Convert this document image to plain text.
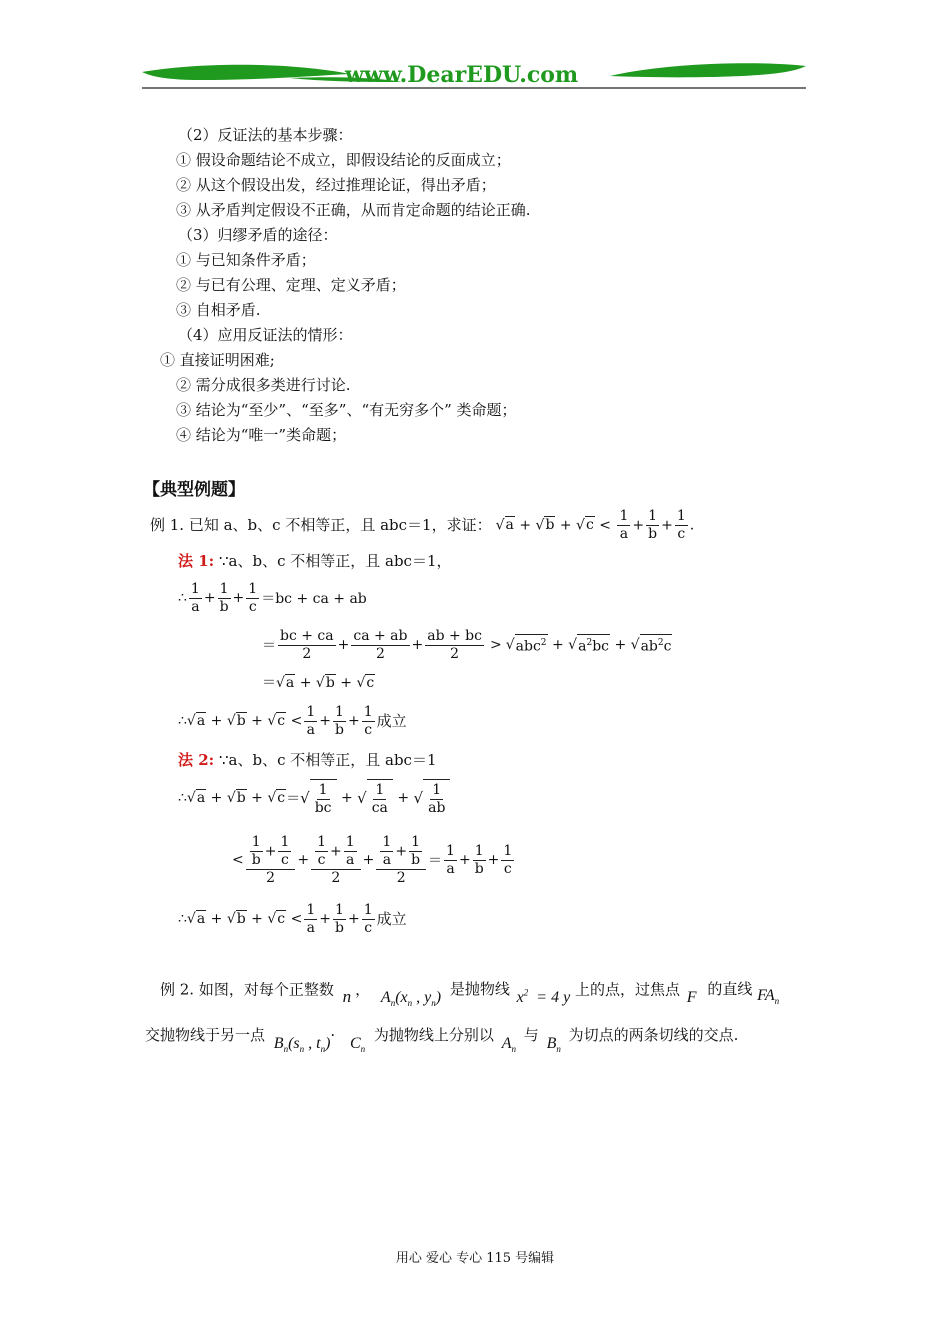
www.DearEDU.com
（2）反证法的基本步骤：
① 假设命题结论不成立，即假设结论的反面成立；
② 从这个假设出发，经过推理论证，得出矛盾；
③ 从矛盾判定假设不正确，从而肯定命题的结论正确.
（3）归缪矛盾的途径：
① 与已知条件矛盾；
② 与已有公理、定理、定义矛盾；
③ 自相矛盾.
（4）应用反证法的情形：
① 直接证明困难;
② 需分成很多类进行讨论.
③ 结论为“至少”、“至多”、“有无穷多个” 类命题；
④ 结论为“唯一”类命题；
【典型例题】
例 1. 已知 a、b、c 不相等正，且 abc＝1，求证： $√a + √b + √c < \frac{1}{a} + \frac{1}{b} + \frac{1}{c}$ .
法 1: ∵a、b、c 不相等正，且 abc＝1，
∴ $\frac{1}{a} + \frac{1}{b} + \frac{1}{c} =bc$ + ca + ab
＝ $\frac{bc + ca}{2} + \frac{ca + ab}{2} + \frac{ab + bc}{2}$ > √ abc$^2$ + √ $a^2bc$ + √ $ab^2c$
＝√a + √b + √c
∴ √ a + √ b + √ $c < \frac{1}{a} + \frac{1}{b} + \frac{1}{c}$ 成立
法 2: ∵a、b、c 不相等正，且 abc＝1
∴ √ a + √ b + √ c ＝ √ $\frac{1}{bc}$ + √ $\frac{1}{ca}$ + √ $\frac{1}{ab}$
< $\frac{\frac{1}{b} + \frac{1}{c}}{2} + \frac{\frac{1}{c} + \frac{1}{a}}{2} + \frac{\frac{1}{a} + \frac{1}{b}}{2} = \frac{1}{a} + \frac{1}{b} + \frac{1}{c}$
∴ √ a + √ b + √ $c < \frac{1}{a} + \frac{1}{b} + \frac{1}{c}$ 成立
例 2. 如图，对每个正整数 n ， $A_n(x_n$ , $y_n$) 是抛物线 $x^2 = 4$ y 上的点，过焦点 F 的直线 $FA_n$
交抛物线于另一点 $B_n(s_n$ , $t_n)\cdot C_n$ 为抛物线上分别以 $A_n$ 与 $B_n$ 为切点的两条切线的交点.
用心 爱心 专心 115 号编辑
